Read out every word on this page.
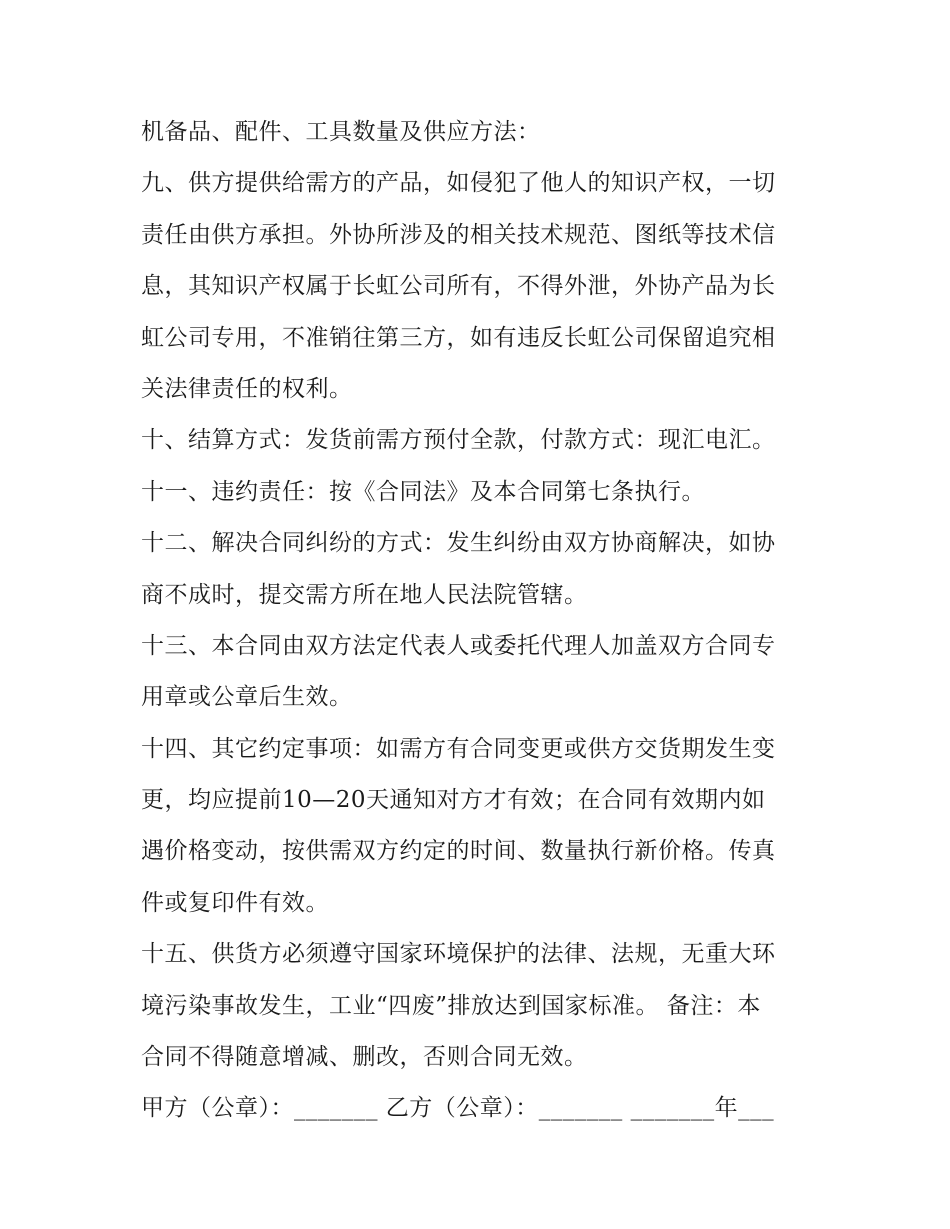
机备品、配件、工具数量及供应方法：
九、供方提供给需方的产品，如侵犯了他人的知识产权，一切
责任由供方承担。外协所涉及的相关技术规范、图纸等技术信
息，其知识产权属于长虹公司所有，不得外泄，外协产品为长
虹公司专用，不准销往第三方，如有违反长虹公司保留追究相
关法律责任的权利。
十、结算方式：发货前需方预付全款，付款方式：现汇电汇。
十一、违约责任：按《合同法》及本合同第七条执行。
十二、解决合同纠纷的方式：发生纠纷由双方协商解决，如协
商不成时，提交需方所在地人民法院管辖。
十三、本合同由双方法定代表人或委托代理人加盖双方合同专
用章或公章后生效。
十四、其它约定事项：如需方有合同变更或供方交货期发生变
更，均应提前10—20天通知对方才有效；在合同有效期内如
遇价格变动，按供需双方约定的时间、数量执行新价格。传真
件或复印件有效。
十五、供货方必须遵守国家环境保护的法律、法规，无重大环
境污染事故发生，工业“四废”排放达到国家标准。 备注：本
合同不得随意增减、删改，否则合同无效。
甲方（公章）：_______ 乙方（公章）：_______ _______年___
